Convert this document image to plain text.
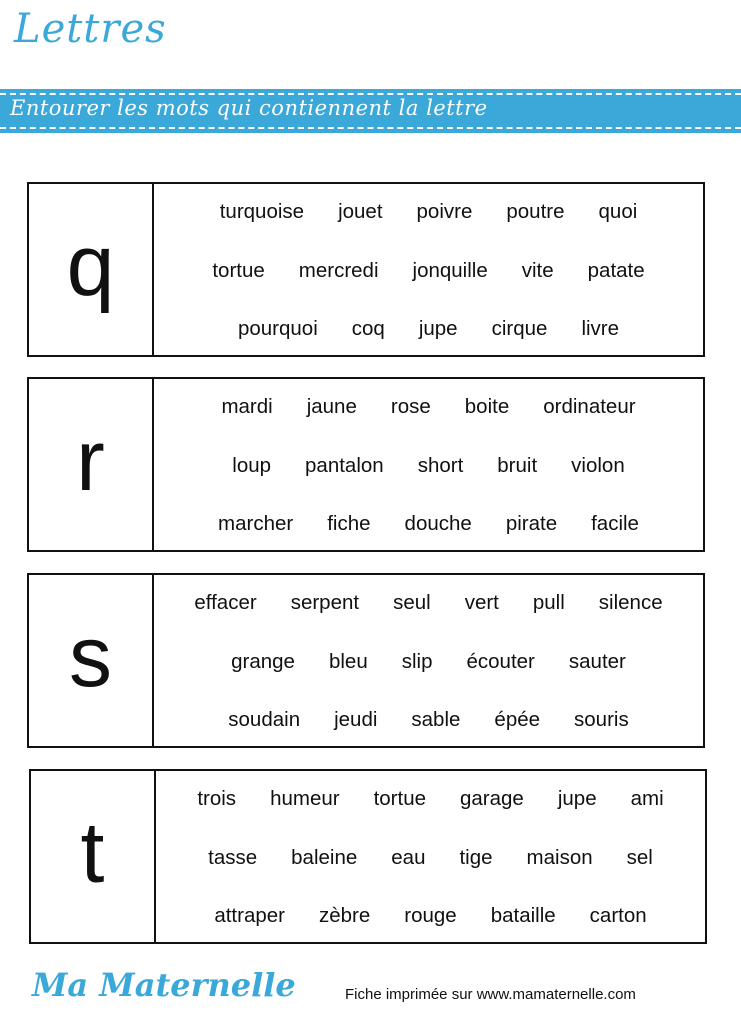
Lettres
Entourer les mots qui contiennent la lettre
q
turquoise jouet poivre poutre quoi
tortue mercredi jonquille vite patate
pourquoi coq jupe cirque livre
r
mardi jaune rose boite ordinateur
loup pantalon short bruit violon
marcher fiche douche pirate facile
s
effacer serpent seul vert pull silence
grange bleu slip écouter sauter
soudain jeudi sable épée souris
t
trois humeur tortue garage jupe ami
tasse baleine eau tige maison sel
attraper zèbre rouge bataille carton
Ma Maternelle	Fiche imprimée sur www.mamaternelle.com
